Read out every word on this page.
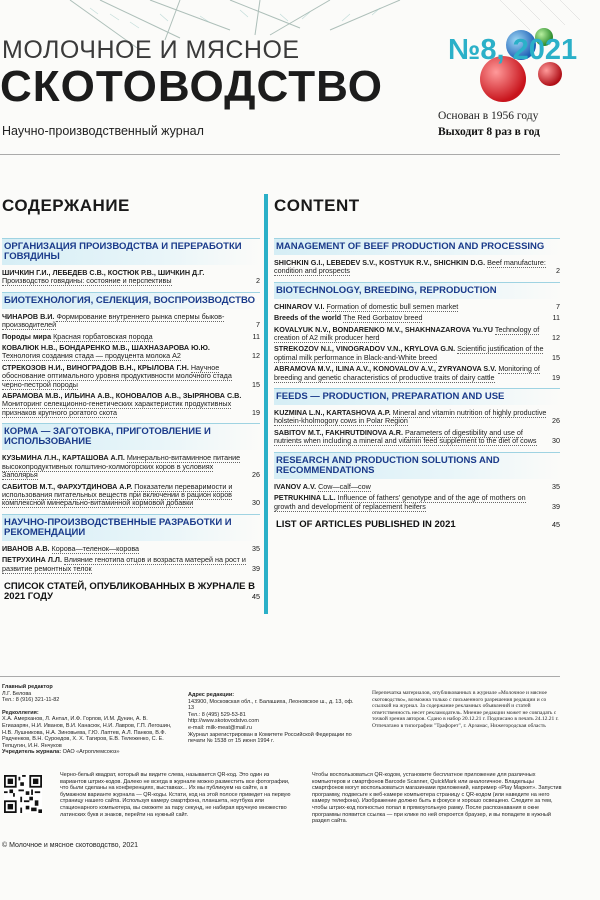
МОЛОЧНОЕ И МЯСНОЕ
СКОТОВОДСТВО
Научно-производственный журнал
№8, 2021
Основан в 1956 году
Выходит 8 раз в год
СОДЕРЖАНИЕ
ОРГАНИЗАЦИЯ ПРОИЗВОДСТВА И ПЕРЕРАБОТКИ ГОВЯДИНЫ
ШИЧКИН Г.И., ЛЕБЕДЕВ С.В., КОСТЮК Р.В., ШИЧКИН Д.Г. Производство говядины: состояние и перспективы	2
БИОТЕХНОЛОГИЯ, СЕЛЕКЦИЯ, ВОСПРОИЗВОДСТВО
ЧИНАРОВ В.И. Формирование внутреннего рынка спермы быков-производителей	7
Породы мира Красная горбатовская порода	11
КОВАЛЮК Н.В., БОНДАРЕНКО М.В., ШАХНАЗАРОВА Ю.Ю. Технология создания стада — продуцента молока A2	12
СТРЕКОЗОВ Н.И., ВИНОГРАДОВ В.Н., КРЫЛОВА Г.Н. Научное обоснование оптимального уровня продуктивности молочного стада черно-пестрой породы	15
АБРАМОВА М.В., ИЛЬИНА А.В., КОНОВАЛОВ А.В., ЗЫРЯНОВА С.В. Мониторинг селекционно-генетических характеристик продуктивных признаков крупного рогатого скота	19
КОРМА — ЗАГОТОВКА, ПРИГОТОВЛЕНИЕ И ИСПОЛЬЗОВАНИЕ
КУЗЬМИНА Л.Н., КАРТАШОВА А.П. Минерально-витаминное питание высокопродуктивных голштино-холмогорских коров в условиях Заполярья	26
САБИТОВ М.Т., ФАРХУТДИНОВА А.Р. Показатели переваримости и использования питательных веществ при включении в рацион коров комплексной минерально-витаминной кормовой добавки	30
НАУЧНО-ПРОИЗВОДСТВЕННЫЕ РАЗРАБОТКИ И РЕКОМЕНДАЦИИ
ИВАНОВ А.В. Корова—теленок—корова	35
ПЕТРУХИНА Л.Л. Влияние генотипа отцов и возраста матерей на рост и развитие ремонтных телок	39
СПИСОК СТАТЕЙ, ОПУБЛИКОВАННЫХ В ЖУРНАЛЕ В 2021 ГОДУ	45
CONTENT
MANAGEMENT OF BEEF PRODUCTION AND PROCESSING
SHICHKIN G.I., LEBEDEV S.V., KOSTYUK R.V., SHICHKIN D.G. Beef manufacture: condition and prospects	2
BIOTECHNOLOGY, BREEDING, REPRODUCTION
CHINAROV V.I. Formation of domestic bull semen market	7
Breeds of the world The Red Gorbatov breed	11
KOVALYUK N.V., BONDARENKO M.V., SHAKHNAZAROVA Yu.YU Technology of creation of A2 milk producer herd	12
STREKOZOV N.I., VINOGRADOV V.N., KRYLOVA G.N. Scientific justification of the optimal milk performance in Black-and-White breed	15
ABRAMOVA M.V., ILINA A.V., KONOVALOV A.V., ZYRYANOVA S.V. Monitoring of breeding and genetic characteristics of productive traits of dairy cattle	19
FEEDS — PRODUCTION, PREPARATION AND USE
KUZMINA L.N., KARTASHOVA A.P. Mineral and vitamin nutrition of highly productive holstein-kholmogory cows in Polar Region	26
SABITOV M.T., FAKHRUTDINOVA A.R. Parameters of digestibility and use of nutrients when including a mineral and vitamin feed supplement to the diet of cows 30
RESEARCH AND PRODUCTION SOLUTIONS AND RECOMMENDATIONS
IVANOV A.V. Cow—calf—cow	35
PETRUKHINA L.L. Influence of fathers' genotype and of the age of mothers on growth and development of replacement heifers	39
LIST OF ARTICLES PUBLISHED IN 2021	45
Главный редактор
Л.Г. Белова
Тел.: 8 (916) 321-11-82
Редколлегия:
Х.А. Амерханов, Л. Антал, И.Ф. Горлов, И.М. Дунин, А. В. Егиазарян, Н.И. Иванов, В.И. Канасюк, Н.И. Лавров, Г.П. Легошин, Н.В. Лушникова, Н.А. Зиновьева, Г.Ю. Лаптев, А.Л. Панков, В.Ф. Радченков, В.Н. Суроедов, Х. Х. Тагиров, Е.В. Тележенко, С. Е. Тепцугин, И.Н. Янчуков
Учредитель журнала: ОАО «Агроплемсоюз»
Адрес редакции:
143900, Московская обл., г. Балашиха, Леоновское ш., д. 13, оф. 13
Тел.: 8 (495) 529-53-81
http://www.skotovodstvo.com
e-mail: milk-meat@mail.ru
Журнал зарегистрирован в Комитете Российской Федерации по печати № 1538 от 15 июня 1994 г.
Перепечатка материалов, опубликованных в журнале «Молочное и мясное скотоводство», возможна только с письменного разрешения редакции и со ссылкой на журнал. За содержание рекламных объявлений и статей ответственность несет рекламодатель. Мнение редакции может не совпадать с точкой зрения авторов. Сдано в набор 20.12.21 г. Подписано в печать 24.12.21 г. Отпечатано в типографии "Трафорет", г. Арзамас, Нижегородская область
Черно-белый квадрат, который вы видите слева, называется QR-код. Это один из вариантов штрих-кодов. Далеко не всегда в журнале можно разместить все фотографии, что были сделаны на конференциях, выставках... Их мы публикуем на сайте, а в бумажном варианте журнала — QR-коды. Кстати, код на этой полосе приведет на первую страницу нашего сайта. Используя камеру смартфона, планшета, ноутбука или стационарного компьютера, вы сможете за пару секунд, не набирая вручную множество латинских букв и знаков, перейти на нужный сайт.
Чтобы воспользоваться QR-кодом, установите бесплатное приложение для различных компьютеров и смартфонов Barcode Scanner, QuickMark или аналогичное. Владельцы смартфонов могут воспользоваться магазинами приложений, например «Play Маркет». Запустив программу, подвесьте к веб-камере компьютера страницу с QR-кодом (или наведите на него камеру телефона). Изображение должно быть в фокусе и хорошо освещено. Следите за тем, чтобы штрих-код полностью попал в прямоугольную рамку. После распознавания в окне программы появится ссылка — при клике по ней откроется браузер, и вы попадете в нужный раздел сайта.
© Молочное и мясное скотоводство, 2021
